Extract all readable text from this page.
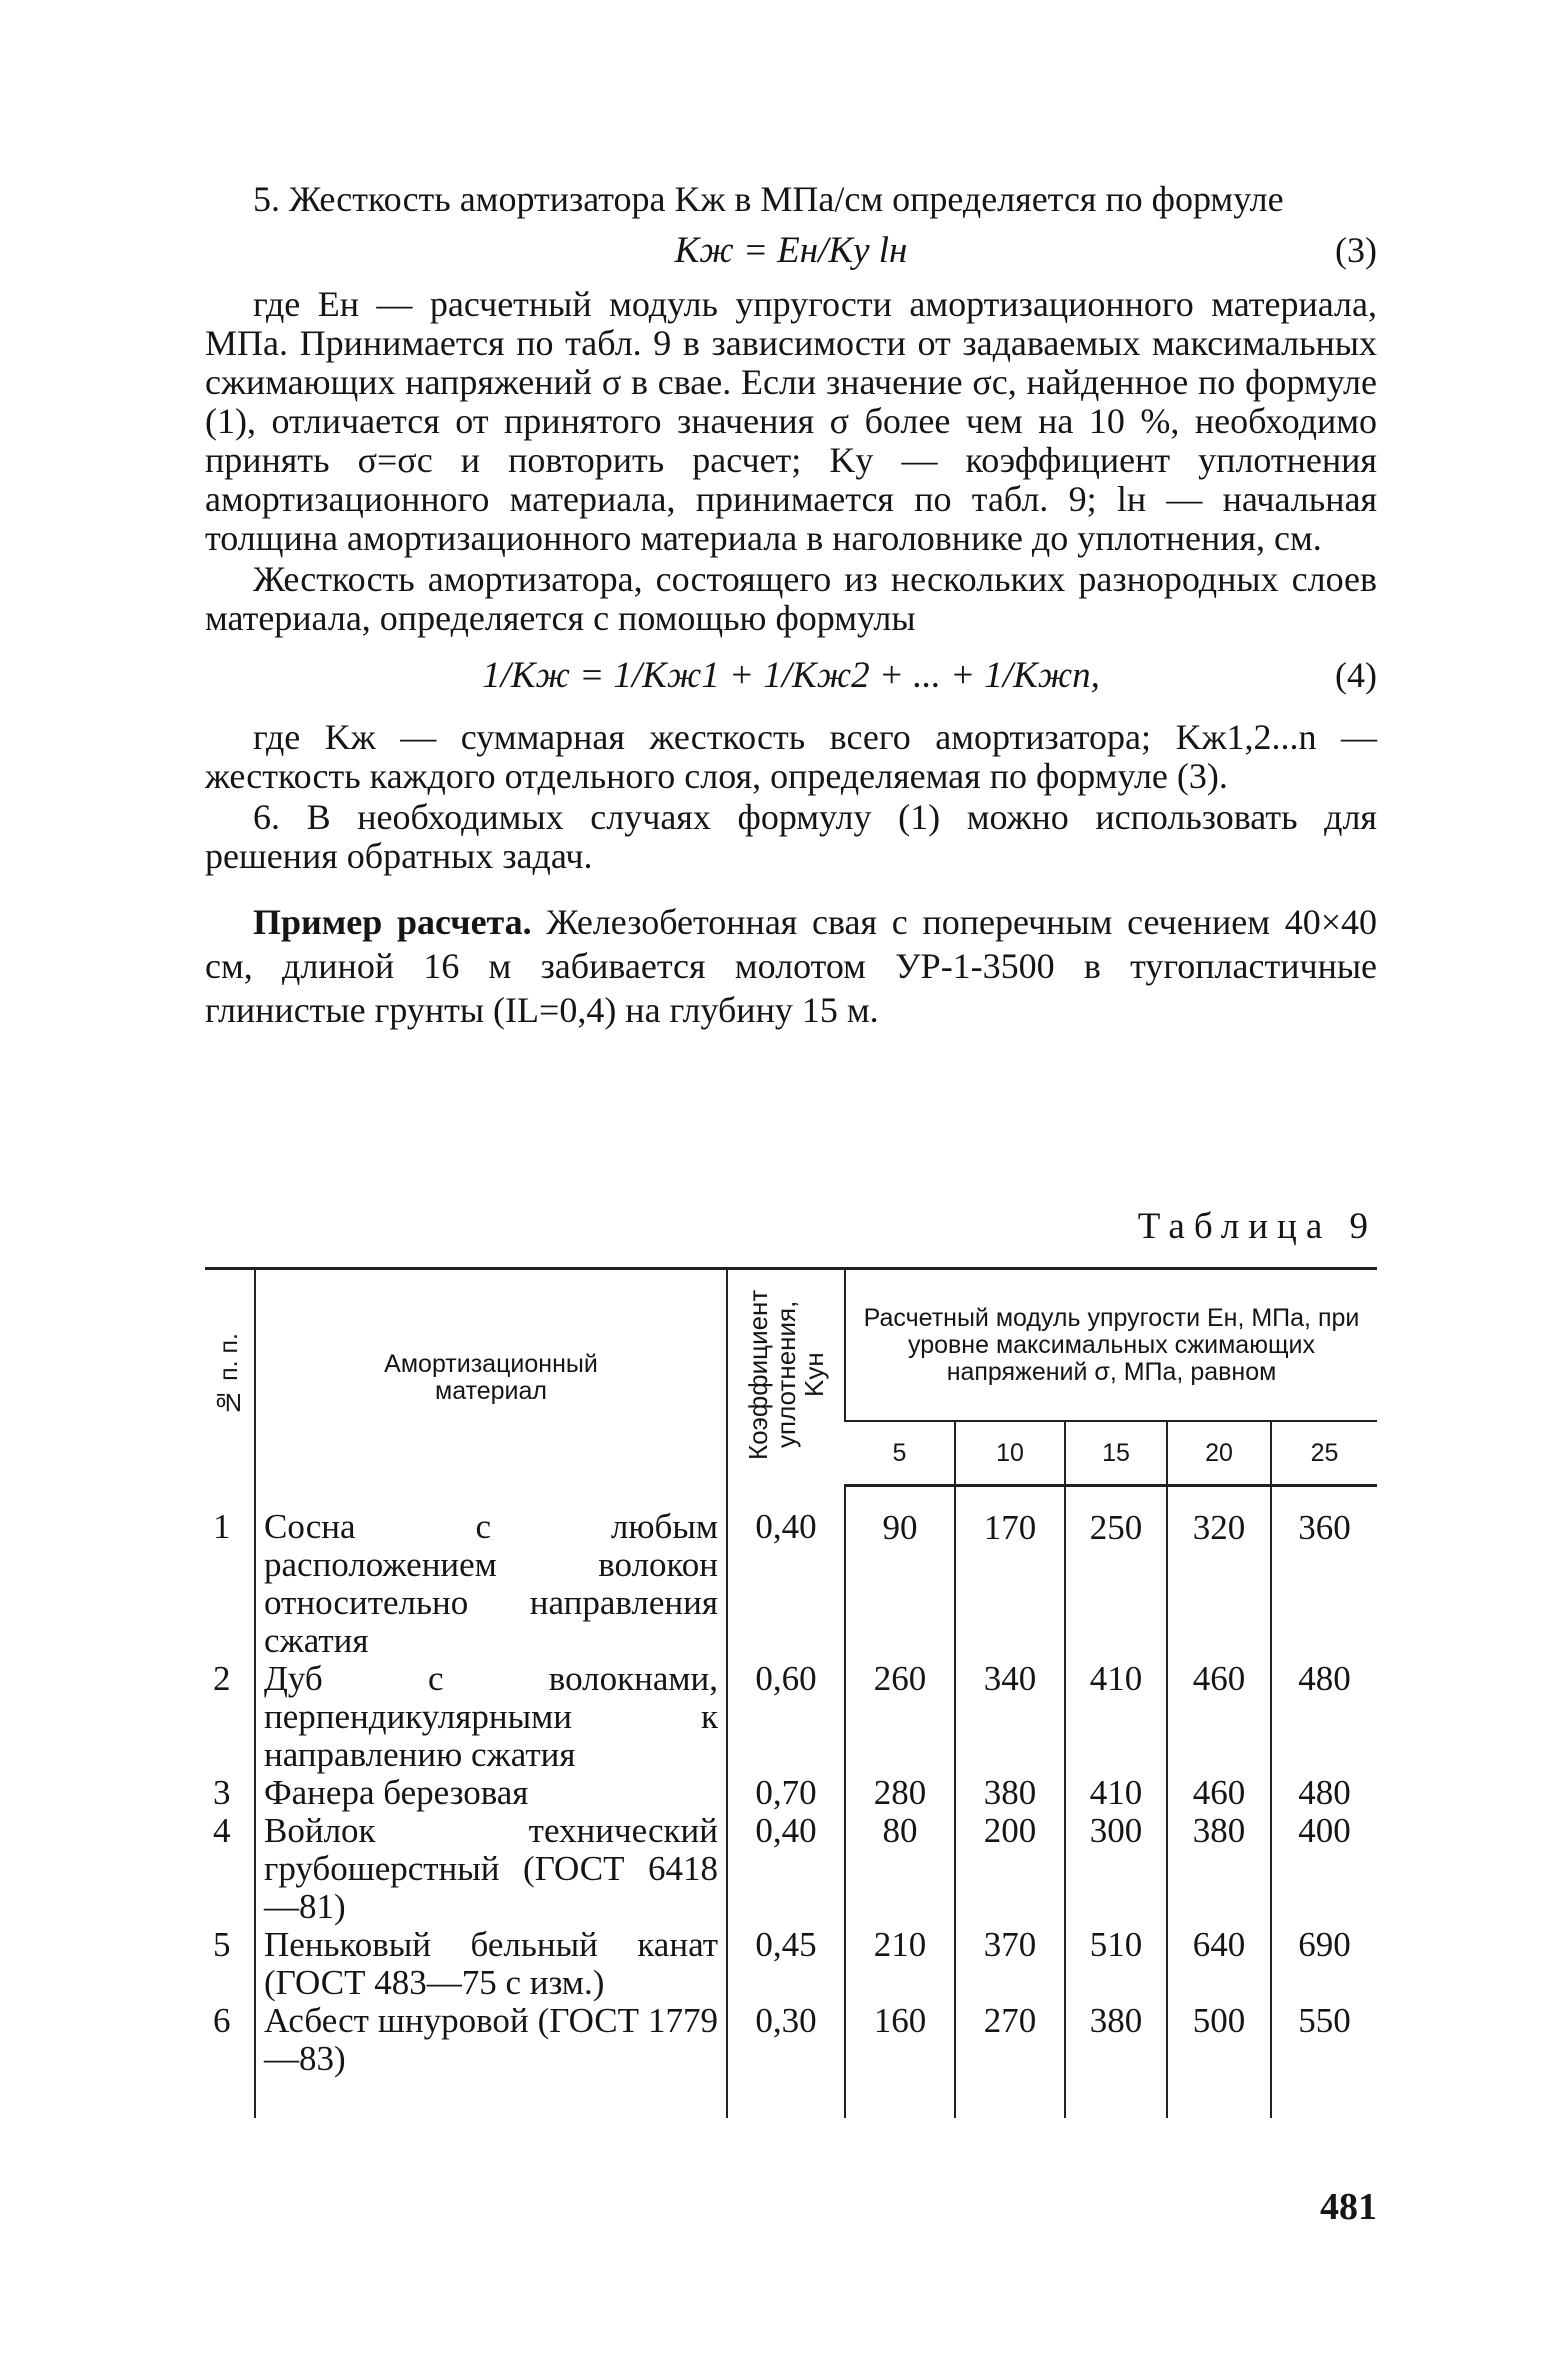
5. Жесткость амортизатора Kж в МПа/см определяется по формуле

Kж = Eн/Kу lн	(3)

где Eн — расчетный модуль упругости амортизационного материала, МПа. Принимается по табл. 9 в зависимости от задаваемых максимальных сжимающих напряжений σ в свае. Если значение σc, найденное по формуле (1), отличается от принятого значения σ более чем на 10 %, необходимо принять σ=σc и повторить расчет; Kу — коэффициент уплотнения амортизационного материала, принимается по табл. 9; lн — начальная толщина амортизационного материала в наголовнике до уплотнения, см.

Жесткость амортизатора, состоящего из нескольких разнородных слоев материала, определяется с помощью формулы

1/Kж = 1/Kж1 + 1/Kж2 + ... + 1/Kжn,	(4)

где Kж — суммарная жесткость всего амортизатора; Kж1,2...n — жесткость каждого отдельного слоя, определяемая по формуле (3).

6. В необходимых случаях формулу (1) можно использовать для решения обратных задач.

Пример расчета. Железобетонная свая с поперечным сечением 40×40 см, длиной 16 м забивается молотом УР-1-3500 в тугопластичные глинистые грунты (IL=0,4) на глубину 15 м.

Таблица 9
№ п. п.	Амортизационный материал	Коэффициент уплотнения, Kун	Расчетный модуль упругости Eн, МПа, при уровне максимальных сжимающих напряжений σ, МПа, равном				
			5	10	15	20	25
1	Сосна с любым расположением волокон относительно направления сжатия	0,40	90	170	250	320	360
2	Дуб с волокнами, перпендикулярными к направлению сжатия	0,60	260	340	410	460	480
3	Фанера березовая	0,70	280	380	410	460	480
4	Войлок технический грубошерстный (ГОСТ 6418—81)	0,40	80	200	300	380	400
5	Пеньковый бельный канат (ГОСТ 483—75 с изм.)	0,45	210	370	510	640	690
6	Асбест шнуровой (ГОСТ 1779—83)	0,30	160	270	380	500	550
481
